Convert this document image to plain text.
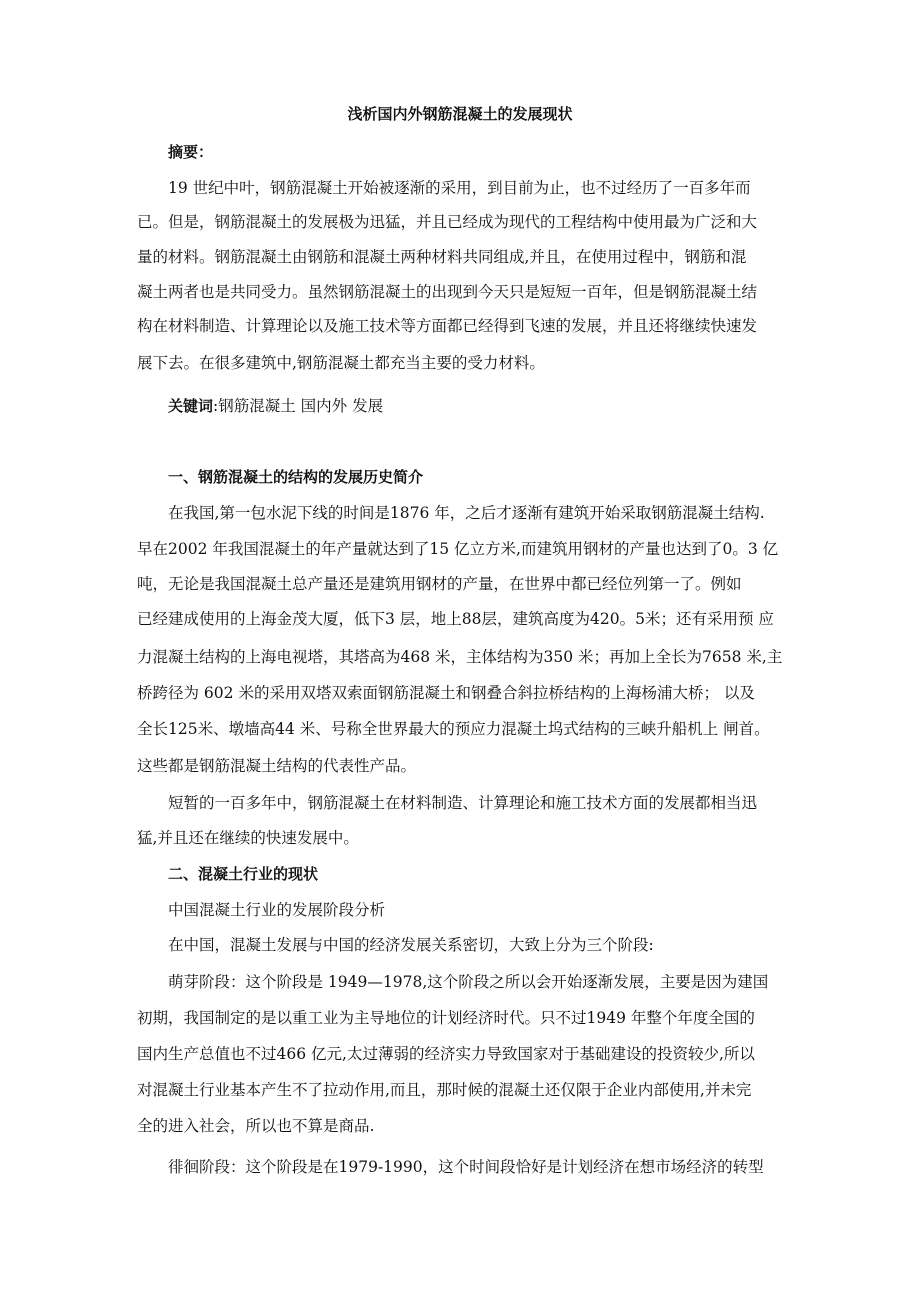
浅析国内外钢筋混凝土的发展现状
摘要：
19 世纪中叶，钢筋混凝土开始被逐渐的采用，到目前为止，也不过经历了一百多年而
已。但是，钢筋混凝土的发展极为迅猛，并且已经成为现代的工程结构中使用最为广泛和大
量的材料。钢筋混凝土由钢筋和混凝土两种材料共同组成,并且，在使用过程中，钢筋和混
凝土两者也是共同受力。虽然钢筋混凝土的出现到今天只是短短一百年，但是钢筋混凝土结
构在材料制造、计算理论以及施工技术等方面都已经得到飞速的发展，并且还将继续快速发
展下去。在很多建筑中,钢筋混凝土都充当主要的受力材料。
关键词:钢筋混凝土 国内外 发展
一、钢筋混凝土的结构的发展历史简介
在我国,第一包水泥下线的时间是1876 年，之后才逐渐有建筑开始采取钢筋混凝土结构.
早在2002 年我国混凝土的年产量就达到了15 亿立方米,而建筑用钢材的产量也达到了0。3 亿
吨，无论是我国混凝土总产量还是建筑用钢材的产量，在世界中都已经位列第一了。例如
已经建成使用的上海金茂大厦，低下3 层，地上88层，建筑高度为420。5米；还有采用预 应
力混凝土结构的上海电视塔，其塔高为468 米，主体结构为350 米；再加上全长为7658 米,主
桥跨径为 602 米的采用双塔双索面钢筋混凝土和钢叠合斜拉桥结构的上海杨浦大桥； 以及
全长125米、墩墙高44 米、号称全世界最大的预应力混凝土坞式结构的三峡升船机上 闸首。
这些都是钢筋混凝土结构的代表性产品。
短暂的一百多年中，钢筋混凝土在材料制造、计算理论和施工技术方面的发展都相当迅
猛,并且还在继续的快速发展中。
二、混凝土行业的现状
中国混凝土行业的发展阶段分析
在中国，混凝土发展与中国的经济发展关系密切，大致上分为三个阶段:
萌芽阶段：这个阶段是 1949—1978,这个阶段之所以会开始逐渐发展，主要是因为建国
初期，我国制定的是以重工业为主导地位的计划经济时代。只不过1949 年整个年度全国的
国内生产总值也不过466 亿元,太过薄弱的经济实力导致国家对于基础建设的投资较少,所以
对混凝土行业基本产生不了拉动作用,而且，那时候的混凝土还仅限于企业内部使用,并未完
全的进入社会，所以也不算是商品.
徘徊阶段：这个阶段是在1979-1990，这个时间段恰好是计划经济在想市场经济的转型
